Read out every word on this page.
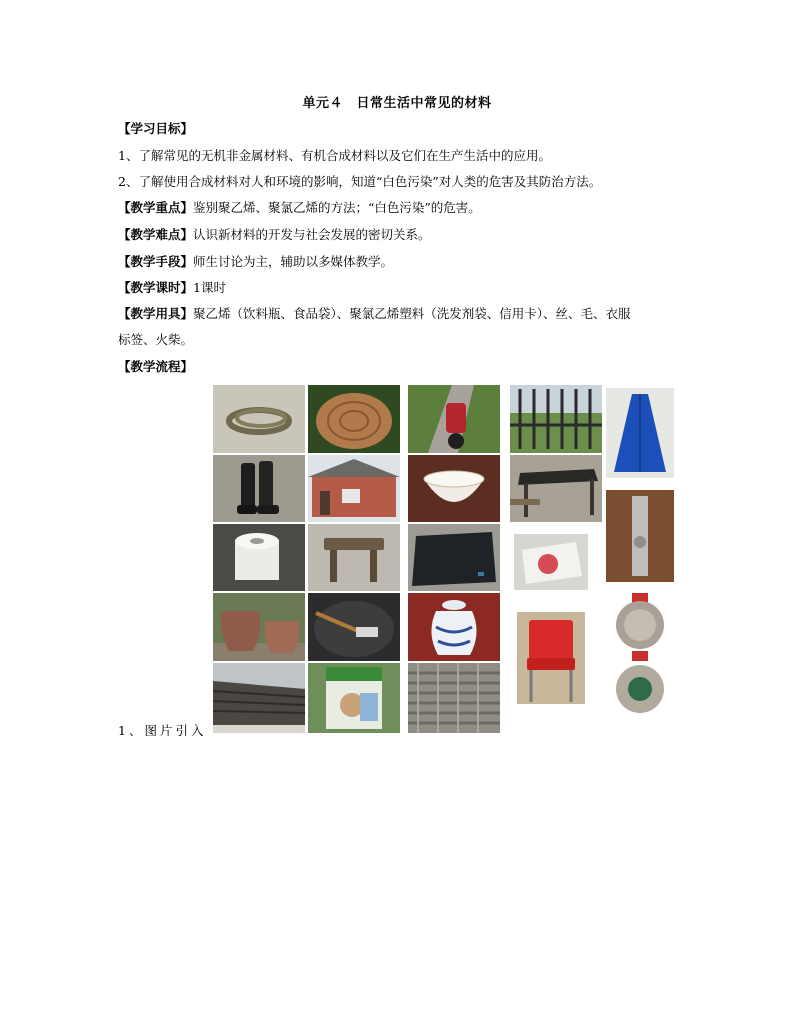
单元４　日常生活中常见的材料
【学习目标】
1、了解常见的无机非金属材料、有机合成材料以及它们在生产生活中的应用。
2、了解使用合成材料对人和环境的影响，知道“白色污染”对人类的危害及其防治方法。
【教学重点】鉴别聚乙烯、聚氯乙烯的方法；“白色污染”的危害。
【教学难点】认识新材料的开发与社会发展的密切关系。
【教学手段】师生讨论为主，辅助以多媒体教学。
【教学课时】1课时
【教学用具】聚乙烯（饮料瓶、食品袋）、聚氯乙烯塑料（洗发剂袋、信用卡）、丝、毛、衣服
标签、火柴。
【教学流程】
1、图片引入
